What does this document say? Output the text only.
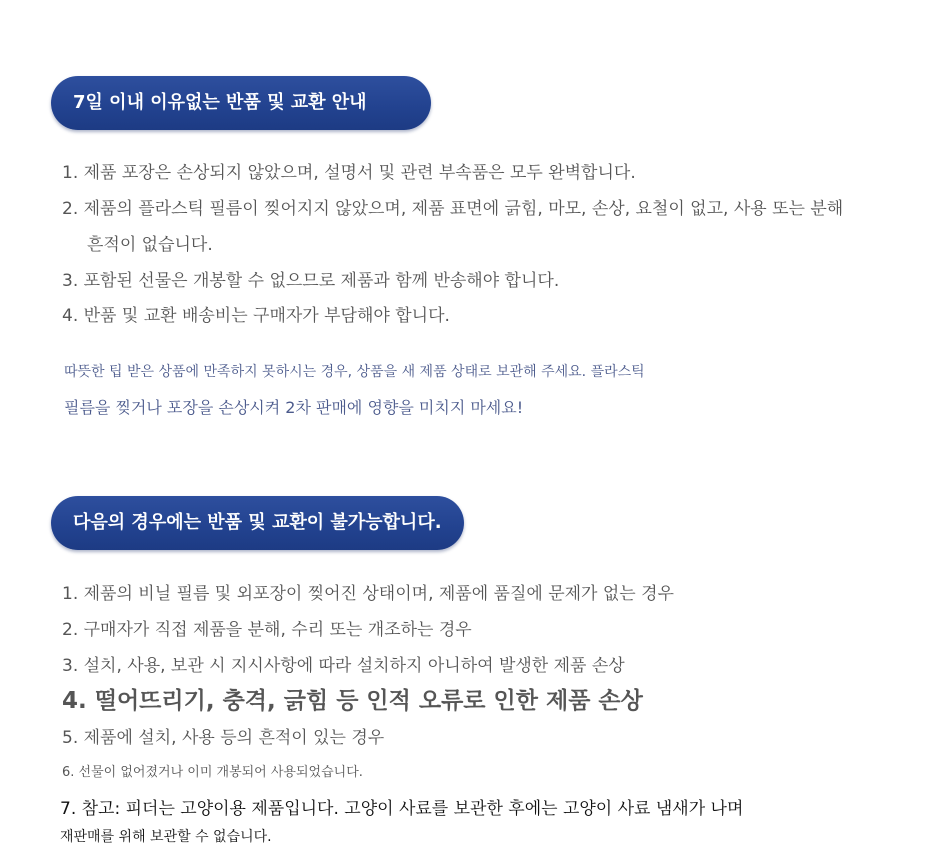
7일 이내 이유없는 반품 및 교환 안내
1. 제품 포장은 손상되지 않았으며, 설명서 및 관련 부속품은 모두 완벽합니다.
2. 제품의 플라스틱 필름이 찢어지지 않았으며, 제품 표면에 긁힘, 마모, 손상, 요철이 없고, 사용 또는 분해
흔적이 없습니다.
3. 포함된 선물은 개봉할 수 없으므로 제품과 함께 반송해야 합니다.
4. 반품 및 교환 배송비는 구매자가 부담해야 합니다.
따뜻한 팁 받은 상품에 만족하지 못하시는 경우, 상품을 새 제품 상태로 보관해 주세요. 플라스틱
필름을 찢거나 포장을 손상시켜 2차 판매에 영향을 미치지 마세요!
다음의 경우에는 반품 및 교환이 불가능합니다.
1. 제품의 비닐 필름 및 외포장이 찢어진 상태이며, 제품에 품질에 문제가 없는 경우
2. 구매자가 직접 제품을 분해, 수리 또는 개조하는 경우
3. 설치, 사용, 보관 시 지시사항에 따라 설치하지 아니하여 발생한 제품 손상
4. 떨어뜨리기, 충격, 긁힘 등 인적 오류로 인한 제품 손상
5. 제품에 설치, 사용 등의 흔적이 있는 경우
6. 선물이 없어졌거나 이미 개봉되어 사용되었습니다.
7. 참고: 피더는 고양이용 제품입니다. 고양이 사료를 보관한 후에는 고양이 사료 냄새가 나며
재판매를 위해 보관할 수 없습니다.
